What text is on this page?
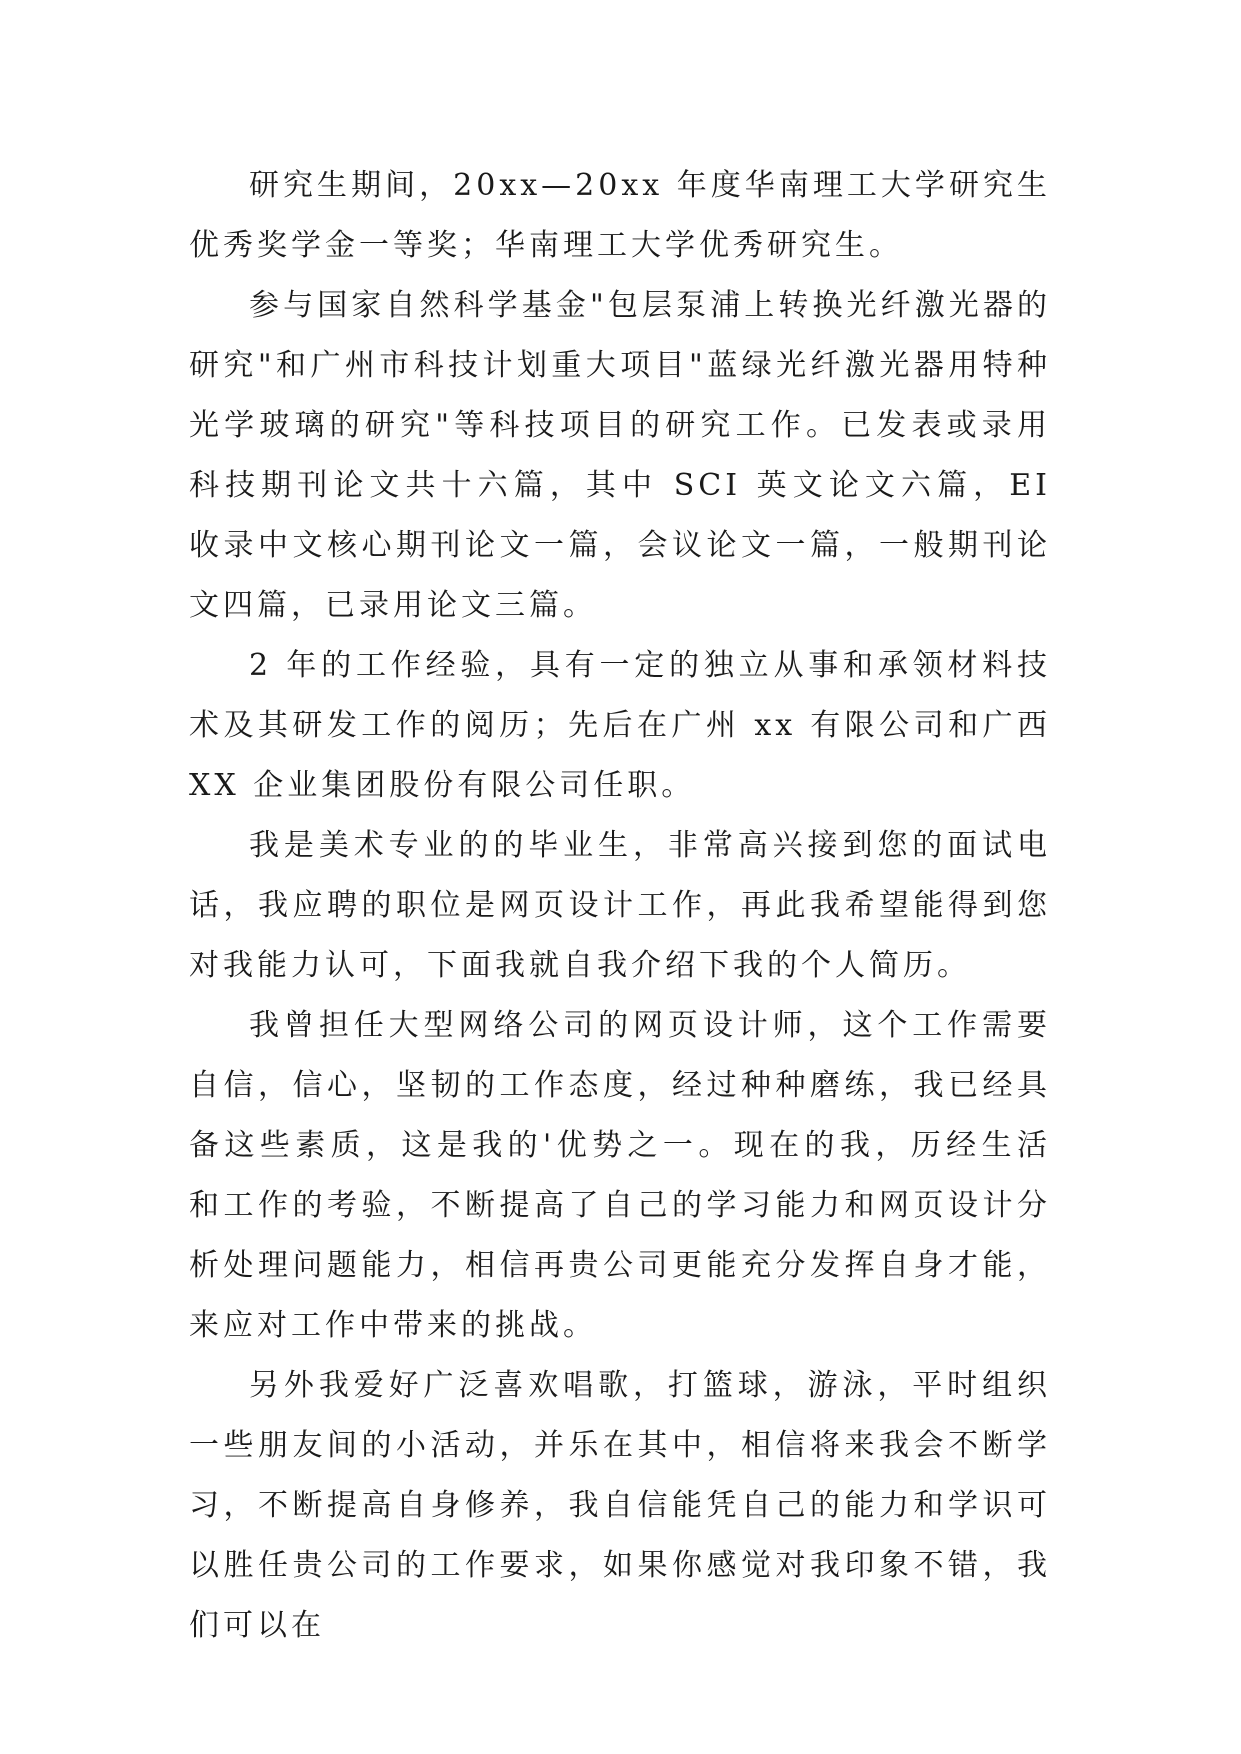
研究生期间，20xx—20xx 年度华南理工大学研究生优秀奖学金一等奖；华南理工大学优秀研究生。

参与国家自然科学基金"包层泵浦上转换光纤激光器的研究"和广州市科技计划重大项目"蓝绿光纤激光器用特种光学玻璃的研究"等科技项目的研究工作。已发表或录用科技期刊论文共十六篇，其中 SCI 英文论文六篇，EI 收录中文核心期刊论文一篇，会议论文一篇，一般期刊论文四篇，已录用论文三篇。

2 年的工作经验，具有一定的独立从事和承领材料技术及其研发工作的阅历；先后在广州 xx 有限公司和广西 XX 企业集团股份有限公司任职。

我是美术专业的的毕业生，非常高兴接到您的面试电话，我应聘的职位是网页设计工作，再此我希望能得到您对我能力认可，下面我就自我介绍下我的个人简历。

我曾担任大型网络公司的网页设计师，这个工作需要自信，信心，坚韧的工作态度，经过种种磨练，我已经具备这些素质，这是我的'优势之一。现在的我，历经生活和工作的考验，不断提高了自己的学习能力和网页设计分析处理问题能力，相信再贵公司更能充分发挥自身才能，来应对工作中带来的挑战。

另外我爱好广泛喜欢唱歌，打篮球，游泳，平时组织一些朋友间的小活动，并乐在其中，相信将来我会不断学习，不断提高自身修养，我自信能凭自己的能力和学识可以胜任贵公司的工作要求，如果你感觉对我印象不错，我们可以在
